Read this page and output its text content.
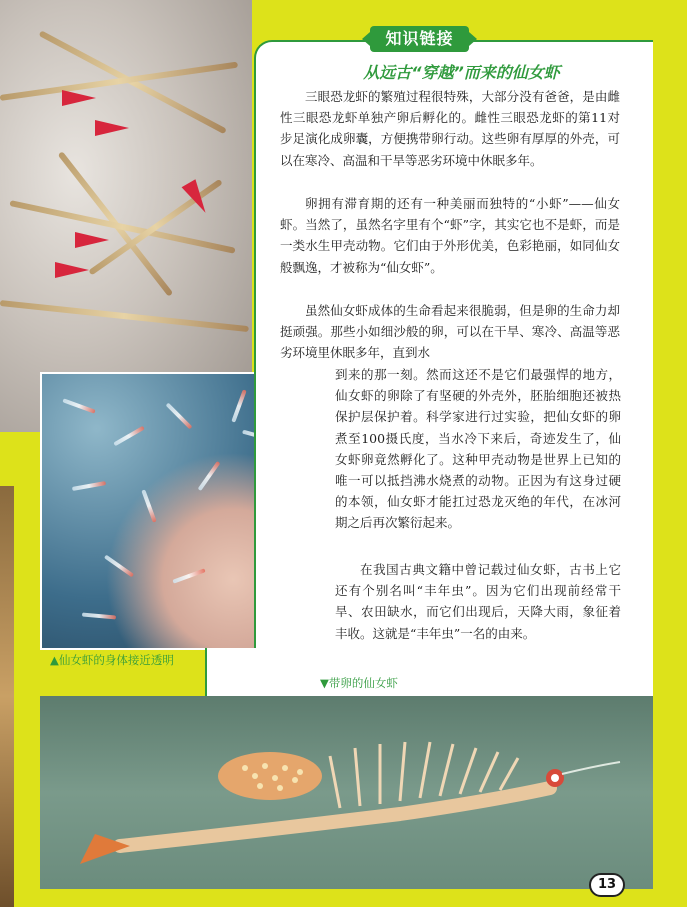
知识链接
从远古“穿越”而来的仙女虾

三眼恐龙虾的繁殖过程很特殊，大部分没有爸爸，是由雌性三眼恐龙虾单独产卵后孵化的。雌性三眼恐龙虾的第11对步足演化成卵囊，方便携带卵行动。这些卵有厚厚的外壳，可以在寒冷、高温和干旱等恶劣环境中休眠多年。

卵拥有滞育期的还有一种美丽而独特的“小虾”——仙女虾。当然了，虽然名字里有个“虾”字，其实它也不是虾，而是一类水生甲壳动物。它们由于外形优美，色彩艳丽，如同仙女般飘逸，才被称为“仙女虾”。

虽然仙女虾成体的生命看起来很脆弱，但是卵的生命力却挺顽强。那些小如细沙般的卵，可以在干旱、寒冷、高温等恶劣环境里休眠多年，直到水

到来的那一刻。然而这还不是它们最强悍的地方，仙女虾的卵除了有坚硬的外壳外，胚胎细胞还被热保护层保护着。科学家进行过实验，把仙女虾的卵煮至100摄氏度，当水冷下来后，奇迹发生了，仙女虾卵竟然孵化了。这种甲壳动物是世界上已知的唯一可以抵挡沸水烧煮的动物。正因为有这身过硬的本领，仙女虾才能扛过恐龙灭绝的年代，在冰河期之后再次繁衍起来。

在我国古典文籍中曾记载过仙女虾，古书上它还有个别名叫“丰年虫”。因为它们出现前经常干旱、农田缺水，而它们出现后，天降大雨，象征着丰收。这就是“丰年虫”一名的由来。

▲仙女虾的身体接近透明
▼带卵的仙女虾
13
